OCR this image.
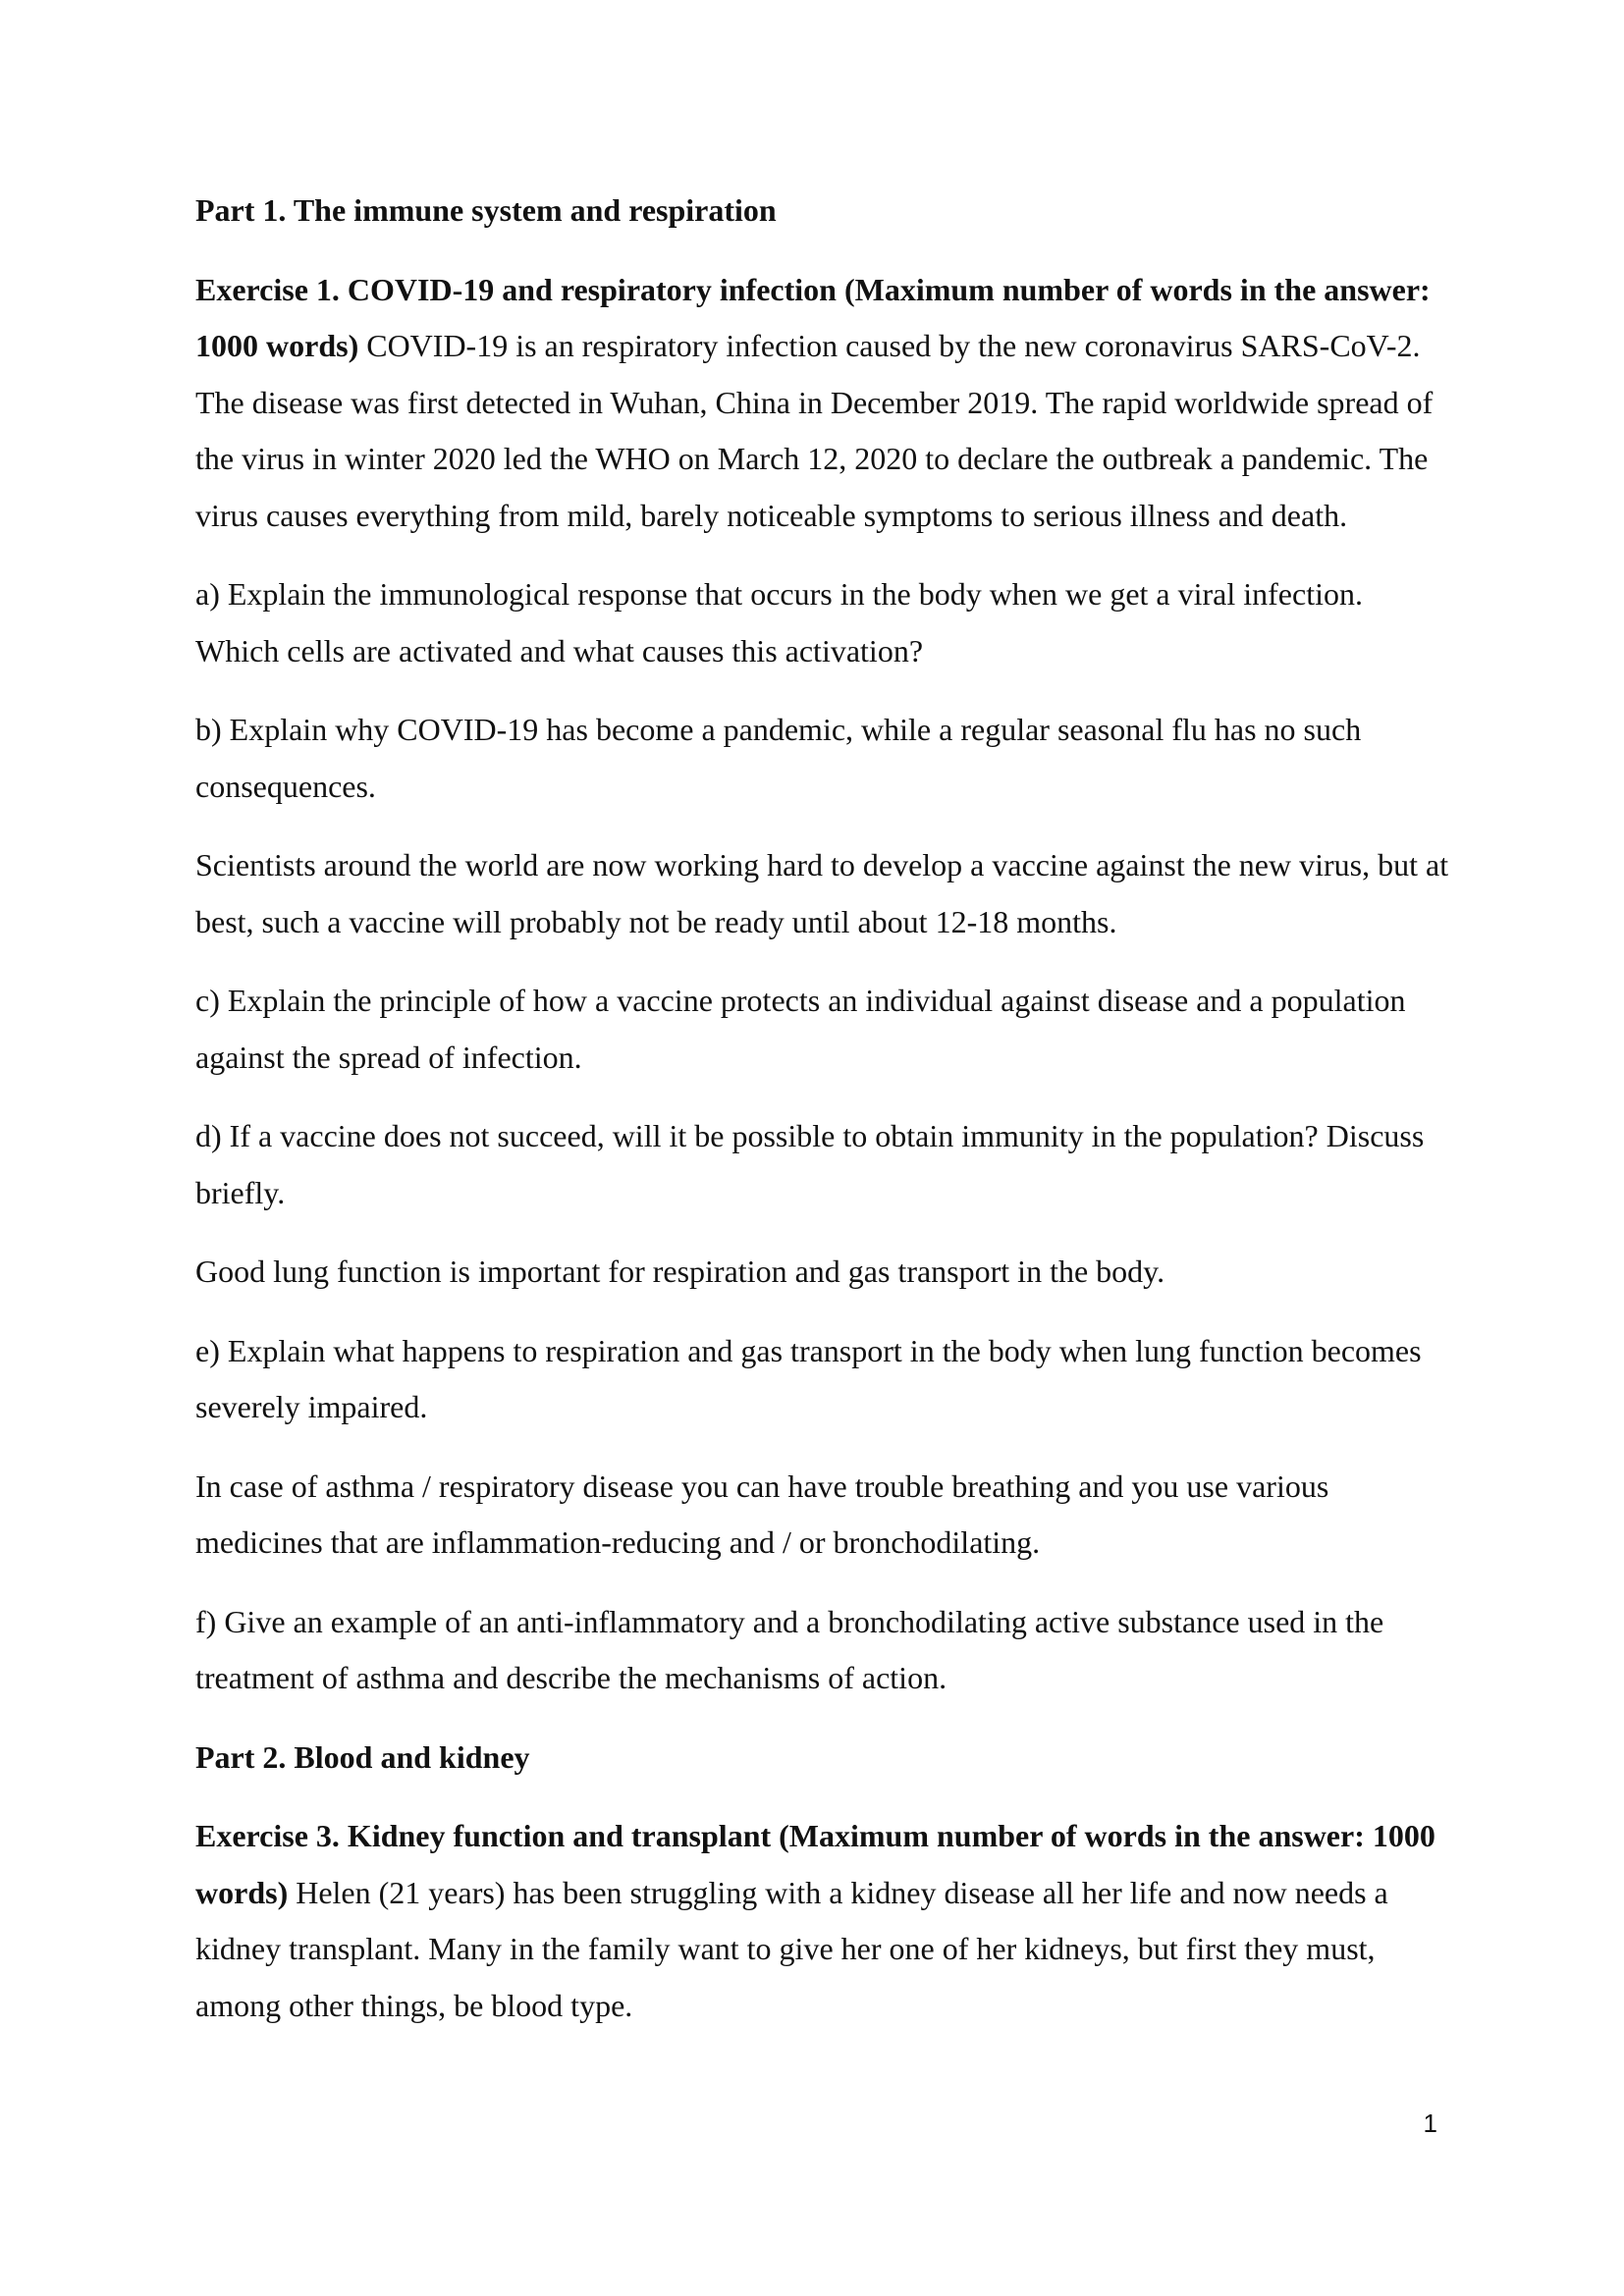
Part 1. The immune system and respiration

Exercise 1. COVID-19 and respiratory infection (Maximum number of words in the answer: 1000 words) COVID-19 is an respiratory infection caused by the new coronavirus SARS-CoV-2. The disease was first detected in Wuhan, China in December 2019. The rapid worldwide spread of the virus in winter 2020 led the WHO on March 12, 2020 to declare the outbreak a pandemic. The virus causes everything from mild, barely noticeable symptoms to serious illness and death.

a) Explain the immunological response that occurs in the body when we get a viral infection. Which cells are activated and what causes this activation?

b) Explain why COVID-19 has become a pandemic, while a regular seasonal flu has no such consequences.

Scientists around the world are now working hard to develop a vaccine against the new virus, but at best, such a vaccine will probably not be ready until about 12-18 months.

c) Explain the principle of how a vaccine protects an individual against disease and a population against the spread of infection.

d) If a vaccine does not succeed, will it be possible to obtain immunity in the population? Discuss briefly.

Good lung function is important for respiration and gas transport in the body.

e) Explain what happens to respiration and gas transport in the body when lung function becomes severely impaired.

In case of asthma / respiratory disease you can have trouble breathing and you use various medicines that are inflammation-reducing and / or bronchodilating.

f) Give an example of an anti-inflammatory and a bronchodilating active substance used in the treatment of asthma and describe the mechanisms of action.

Part 2. Blood and kidney

Exercise 3. Kidney function and transplant (Maximum number of words in the answer: 1000 words) Helen (21 years) has been struggling with a kidney disease all her life and now needs a kidney transplant. Many in the family want to give her one of her kidneys, but first they must, among other things, be blood type.

1
